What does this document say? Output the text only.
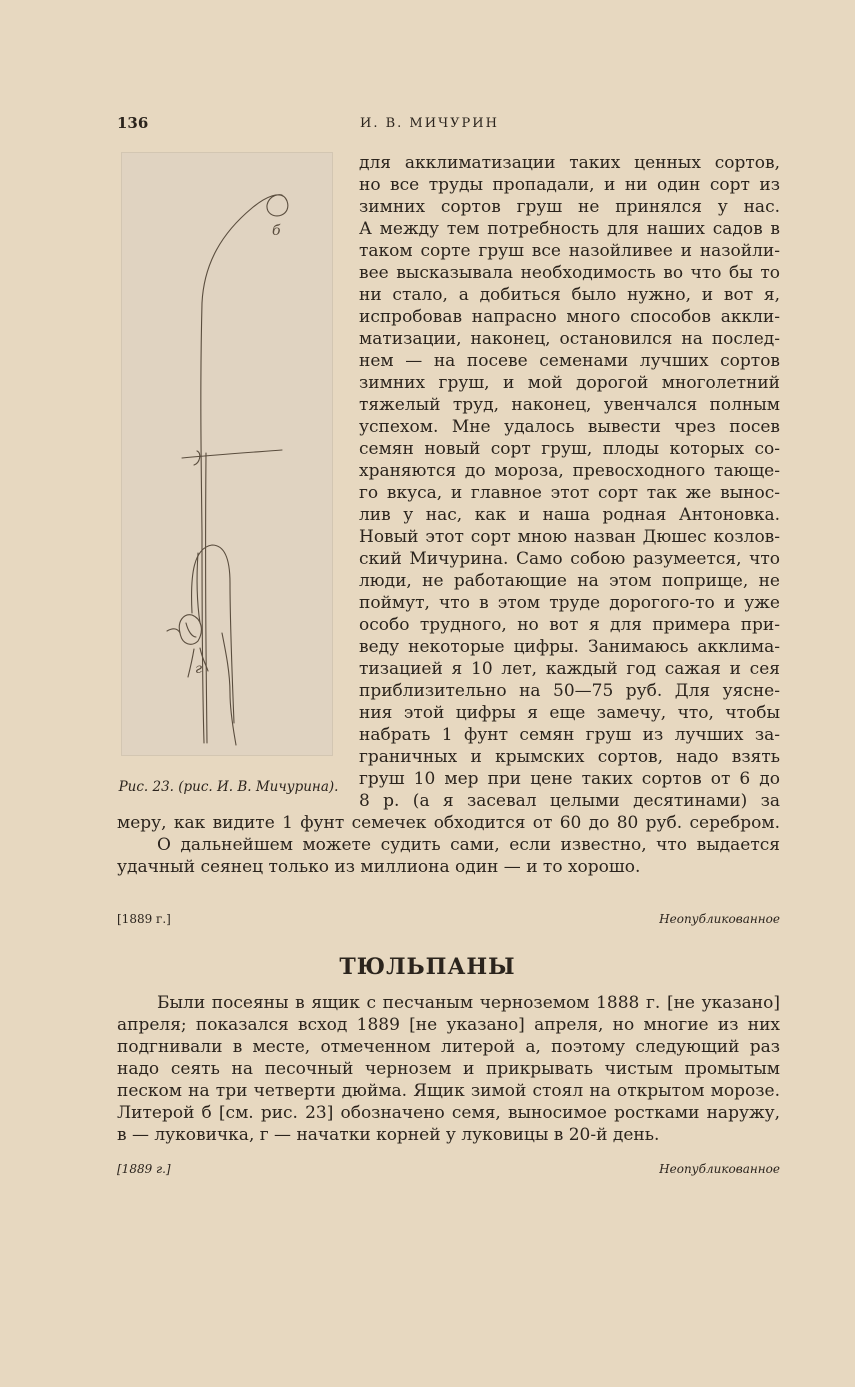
136	И. В. МИЧУРИН
б
г
Рис. 23. (рис. И. В. Мичурина).
для акклиматизации таких ценных сортов,
но все труды пропадали, и ни один сорт из
зимних сортов груш не принялся у нас.
А между тем потребность для наших садов в
таком сорте груш все назойливее и назойли-
вее высказывала необходимость во что бы то
ни стало, а добиться было нужно, и вот я,
испробовав напрасно много способов аккли-
матизации, наконец, остановился на послед-
нем — на посеве семенами лучших сортов
зимних груш, и мой дорогой многолетний
тяжелый труд, наконец, увенчался полным
успехом. Мне удалось вывести чрез посев
семян новый сорт груш, плоды которых со-
храняются до мороза, превосходного тающе-
го вкуса, и главное этот сорт так же вынос-
лив у нас, как и наша родная Антоновка.
Новый этот сорт мною назван Дюшес козлов-
ский Мичурина. Само собою разумеется, что
люди, не работающие на этом поприще, не
поймут, что в этом труде дорогого-то и уже
особо трудного, но вот я для примера при-
веду некоторые цифры. Занимаюсь акклима-
тизацией я 10 лет, каждый год сажая и сея
приблизительно на 50—75 руб. Для уясне-
ния этой цифры я еще замечу, что, чтобы
набрать 1 фунт семян груш из лучших за-
граничных и крымских сортов, надо взять
груш 10 мер при цене таких сортов от 6 до
8 р. (а я засевал целыми десятинами) за
меру, как видите 1 фунт семечек обходится от 60 до 80 руб. серебром.
О дальнейшем можете судить сами, если известно, что выдается
удачный сеянец только из миллиона один — и то хорошо.
[1889 г.]	Неопубликованное
ТЮЛЬПАНЫ
Были посеяны в ящик с песчаным черноземом 1888 г. [не указано]
апреля; показался всход 1889 [не указано] апреля, но многие из них
подгнивали в месте, отмеченном литерой а, поэтому следующий раз
надо сеять на песочный чернозем и прикрывать чистым промытым
песком на три четверти дюйма. Ящик зимой стоял на открытом морозе.
Литерой б [см. рис. 23] обозначено семя, выносимое ростками наружу,
в — луковичка, г — начатки корней у луковицы в 20-й день.
[1889 г.]	Неопубликованное
